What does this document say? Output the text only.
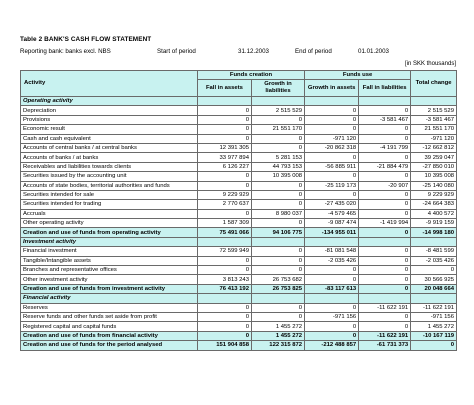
Table 2 BANK'S CASH FLOW STATEMENT
Reporting bank: banks excl. NBS	Start of period	31.12.2003	End of period	01.01.2003
[in SKK thousands]
Activity	Funds creation		Funds use		Total change
	Fall in assets	Growth in liabilities	Growth in assets	Fall in liabilities	
Operating activity					
Depreciation	0	2 515 529	0	0	2 515 529
Provisions	0	0	0	-3 581 467	-3 581 467
Economic result	0	21 551 170	0	0	21 551 170
Cash and cash equivalent	0	0	-971 120	0	-971 120
Accounts of central banks / at central banks	12 391 305	0	-20 862 318	-4 191 799	-12 662 812
Accounts of banks / at banks	33 977 894	5 281 153	0	0	39 259 047
Receivables and liabilities towards clients	6 126 227	44 793 153	-56 885 911	-21 884 479	-27 850 010
Securities issued by the accounting unit	0	10 395 008	0	0	10 395 008
Accounts of state bodies, territorial authorities and funds	0	0	-25 119 173	-20 907	-25 140 080
Securities intended for sale	9 229 929	0	0	0	9 229 929
Securities intended for trading	2 770 637	0	-27 435 020	0	-24 664 383
Accruals	0	8 980 037	-4 579 465	0	4 400 572
Other operating activity	1 587 309	0	-9 087 474	-1 419 994	-9 919 159
Creation and use of funds from operating activity	75 491 066	94 106 775	-134 955 011	0	-14 998 180
Investment activity					
Financial investment	72 599 949	0	-81 081 548	0	-8 481 599
Tangible/Intangible assets	0	0	-2 035 426	0	-2 035 426
Branches and representative offices	0	0	0	0	0
Other investment activity	3 813 243	26 753 682	0	0	30 566 925
Creation and use of funds from investment activity	76 413 192	26 753 825	-83 117 613	0	20 048 664
Financial activity					
Reserves	0	0	0	-11 622 191	-11 622 191
Reserve funds and other funds set aside from profit	0	0	-971 156	0	-971 156
Registered capital and capital funds	0	1 455 272	0	0	1 455 272
Creation and use of funds from financial activity	0	1 455 272	0	-11 622 191	-10 167 119
Creation and use of funds for the period analysed	151 904 858	122 315 872	-212 488 857	-61 731 373	0
